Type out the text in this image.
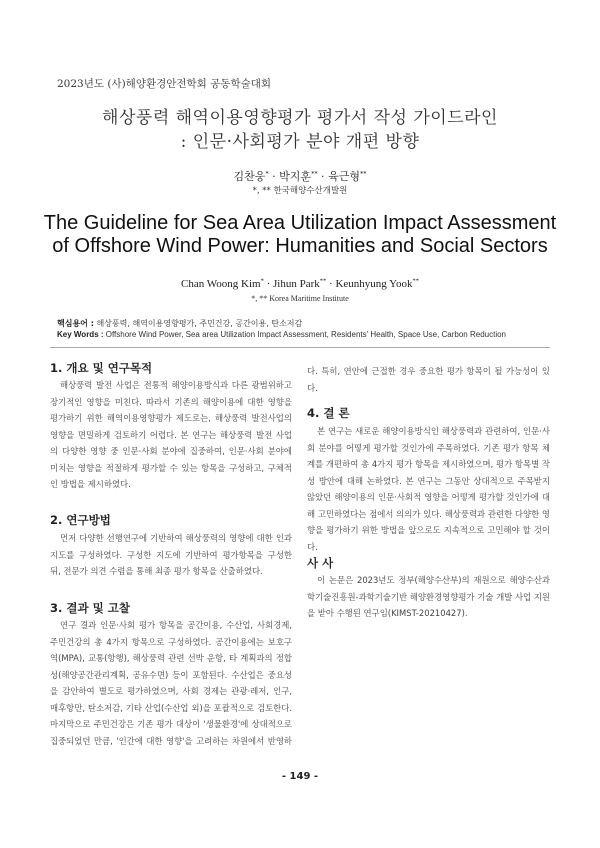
2023년도 (사)해양환경안전학회 공동학술대회
해상풍력 해역이용영향평가 평가서 작성 가이드라인
: 인문·사회평가 분야 개편 방향
김찬웅* · 박지훈** · 육근형**
*, ** 한국해양수산개발원
The Guideline for Sea Area Utilization Impact Assessment
of Offshore Wind Power: Humanities and Social Sectors
Chan Woong Kim* · Jihun Park** · Keunhyung Yook**
*, ** Korea Maritime Institute
핵심용어 : 해상풍력, 해역이용영향평가, 주민건강, 공간이용, 탄소저감
Key Words : Offshore Wind Power, Sea area Utilization Impact Assessment, Residents' Health, Space Use, Carbon Reduction
1. 개요 및 연구목적
해상풍력 발전 사업은 전통적 해양이용방식과 다른 광범위하고 장기적인 영향을 미친다. 따라서 기존의 해양이용에 대한 영향을 평가하기 위한 해역이용영향평가 제도로는, 해상풍력 발전사업의 영향을 면밀하게 검토하기 어렵다. 본 연구는 해상풍력 발전 사업의 다양한 영향 중 인문·사회 분야에 집중하여, 인문·사회 분야에 미치는 영향을 적절하게 평가할 수 있는 항목을 구성하고, 구체적인 방법을 제시하였다.
2. 연구방법
먼저 다양한 선행연구에 기반하여 해상풍력의 영향에 대한 인과지도를 구성하였다. 구성한 지도에 기반하여 평가항목을 구성한 뒤, 전문가 의견 수렴을 통해 최종 평가 항목을 산출하였다.
3. 결과 및 고찰
연구 결과 인문·사회 평가 항목을 공간이용, 수산업, 사회경제, 주민건강의 총 4가지 항목으로 구성하였다. 공간이용에는 보호구역(MPA), 교통(항행), 해상풍력 관련 선박 운항, 타 계획과의 정합성(해양공간관리계획, 공유수면) 등이 포함된다. 수산업은 중요성을 감안하여 별도로 평가하였으며, 사회 경제는 관광·레저, 인구, 매후항만, 탄소저감, 기타 산업(수산업 외)을 포괄적으로 검토한다. 마지막으로 주민건강은 기존 평가 대상이 '생물환경'에 상대적으로 집중되었던 만큼, '인간에 대한 영향'을 고려하는 차원에서 반영하
다. 특히, 연안에 근접한 경우 중요한 평가 항목이 될 가능성이 있다.
4. 결 론
본 연구는 새로운 해양이용방식인 해상풍력과 관련하여, 인문·사회 분야를 어떻게 평가할 것인가에 주목하였다. 기존 평가 항목 체계를 개편하여 총 4가지 평가 항목을 제시하였으며, 평가 항목별 작성 방안에 대해 논하였다. 본 연구는 그동안 상대적으로 주목받지 않았던 해양이용의 인문·사회적 영향을 어떻게 평가할 것인가에 대해 고민하였다는 점에서 의의가 있다. 해상풍력과 관련한 다양한 영향을 평가하기 위한 방법을 앞으로도 지속적으로 고민해야 할 것이다.
사 사
이 논문은 2023년도 정부(해양수산부)의 재원으로 해양수산과학기술진흥원-과학기술기반 해양환경영향평가 기술 개발 사업 지원을 받아 수행된 연구임(KIMST-20210427).
- 149 -
